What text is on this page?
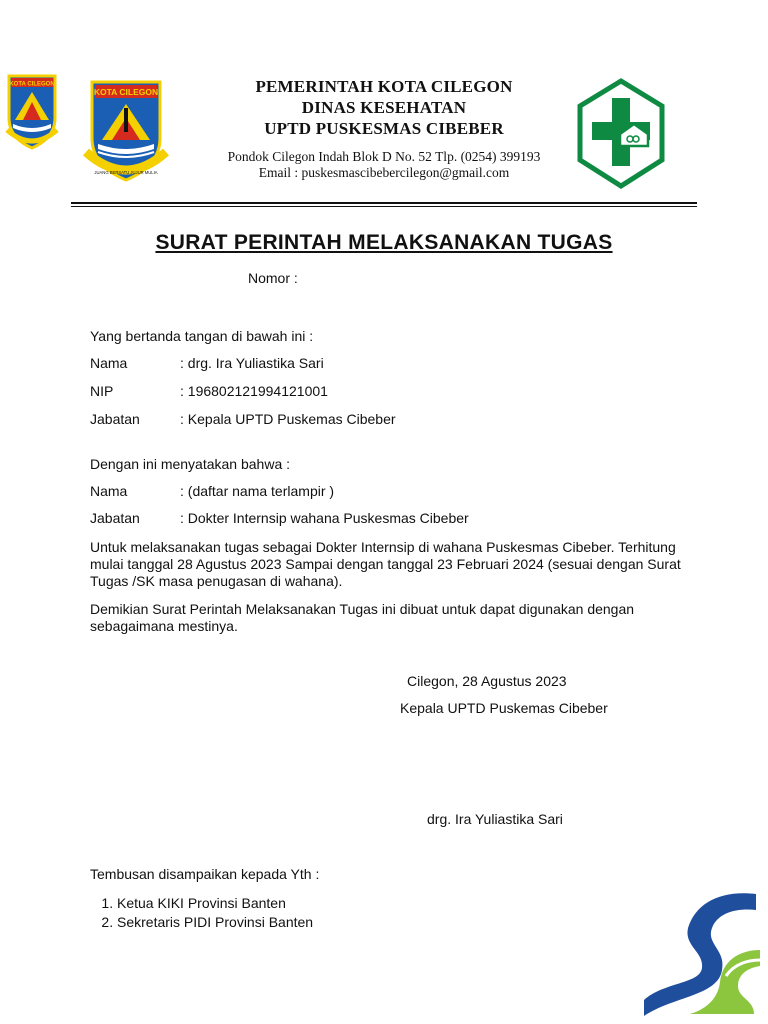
KOTA CILEGON
KOTA CILEGON
JUANG BERSATU JUJUR MULIA
PEMERINTAH KOTA CILEGON
DINAS KESEHATAN
UPTD PUSKESMAS CIBEBER
Pondok Cilegon Indah Blok D No. 52 Tlp. (0254) 399193
Email : puskesmascibebercilegon@gmail.com
SURAT PERINTAH MELAKSANAKAN TUGAS
Nomor :
Yang bertanda tangan di bawah ini :
Nama	: drg. Ira Yuliastika Sari
NIP	: 196802121994121001
Jabatan	: Kepala UPTD Puskemas Cibeber
Dengan ini menyatakan bahwa :
Nama	: (daftar nama terlampir )
Jabatan	: Dokter Internsip wahana Puskesmas Cibeber
Untuk melaksanakan tugas sebagai Dokter Internsip di wahana Puskesmas Cibeber. Terhitung
mulai tanggal 28 Agustus 2023 Sampai dengan tanggal 23 Februari 2024 (sesuai dengan Surat
Tugas /SK masa penugasan di wahana).
Demikian Surat Perintah Melaksanakan Tugas ini dibuat untuk dapat digunakan dengan
sebagaimana mestinya.
Cilegon, 28 Agustus 2023
Kepala UPTD Puskemas Cibeber
drg. Ira Yuliastika Sari
Tembusan disampaikan kepada Yth :
1. Ketua KIKI Provinsi Banten
2. Sekretaris PIDI Provinsi Banten
